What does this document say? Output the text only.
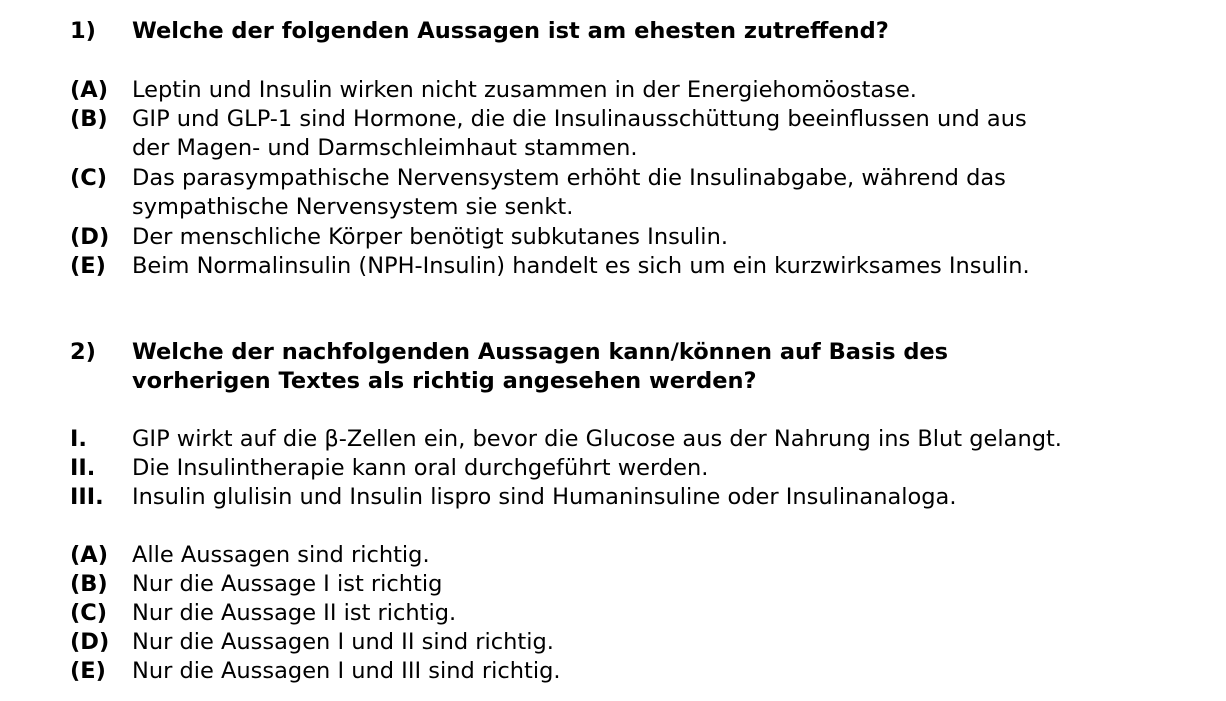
1)	Welche der folgenden Aussagen ist am ehesten zutreffend?
(A)	Leptin und Insulin wirken nicht zusammen in der Energiehomöostase.
(B)	GIP und GLP-1 sind Hormone, die die Insulinausschüttung beeinflussen und aus
der Magen- und Darmschleimhaut stammen.
(C)	Das parasympathische Nervensystem erhöht die Insulinabgabe, während das
sympathische Nervensystem sie senkt.
(D)	Der menschliche Körper benötigt subkutanes Insulin.
(E)	Beim Normalinsulin (NPH-Insulin) handelt es sich um ein kurzwirksames Insulin.
2)	Welche der nachfolgenden Aussagen kann/können auf Basis des
vorherigen Textes als richtig angesehen werden?
I.	GIP wirkt auf die β-Zellen ein, bevor die Glucose aus der Nahrung ins Blut gelangt.
II.	Die Insulintherapie kann oral durchgeführt werden.
III.	Insulin glulisin und Insulin lispro sind Humaninsuline oder Insulinanaloga.
(A)	Alle Aussagen sind richtig.
(B)	Nur die Aussage I ist richtig
(C)	Nur die Aussage II ist richtig.
(D)	Nur die Aussagen I und II sind richtig.
(E)	Nur die Aussagen I und III sind richtig.
